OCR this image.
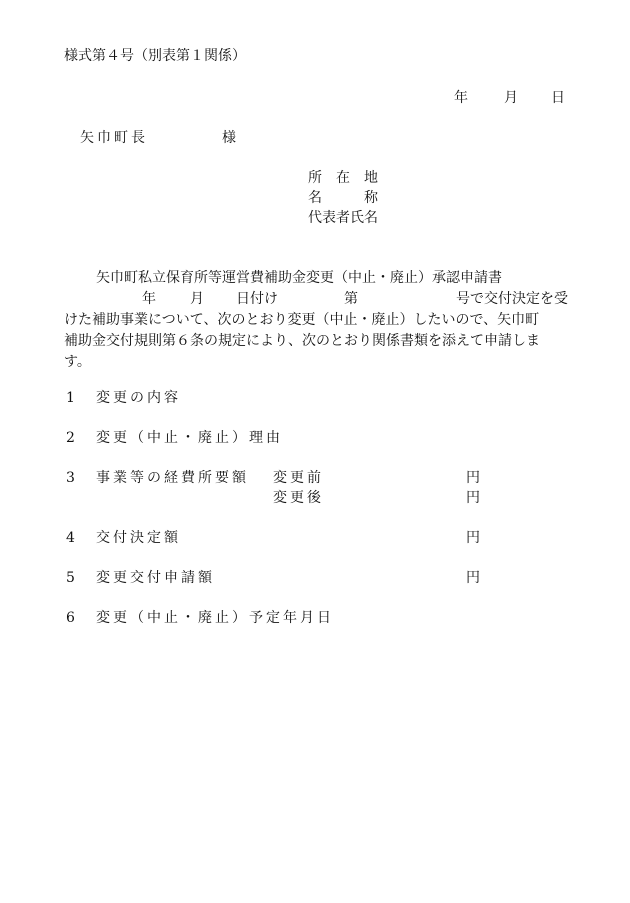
様式第４号（別表第１関係）
年	月 日
矢巾町長	様
所　在　地
名　　　称
代表者氏名
矢巾町私立保育所等運営費補助金変更（中止・廃止）承認申請書
年 月 日付け	第	号で交付決定を受
けた補助事業について、次のとおり変更（中止・廃止）したいので、矢巾町
補助金交付規則第６条の規定により、次のとおり関係書類を添えて申請しま
す。
1 変更の内容
2 変更（中止・廃止）理由
3 事業等の経費所要額 変更前	円
変更後	円
4 交付決定額	円
5 変更交付申請額	円
6 変更（中止・廃止）予定年月日
